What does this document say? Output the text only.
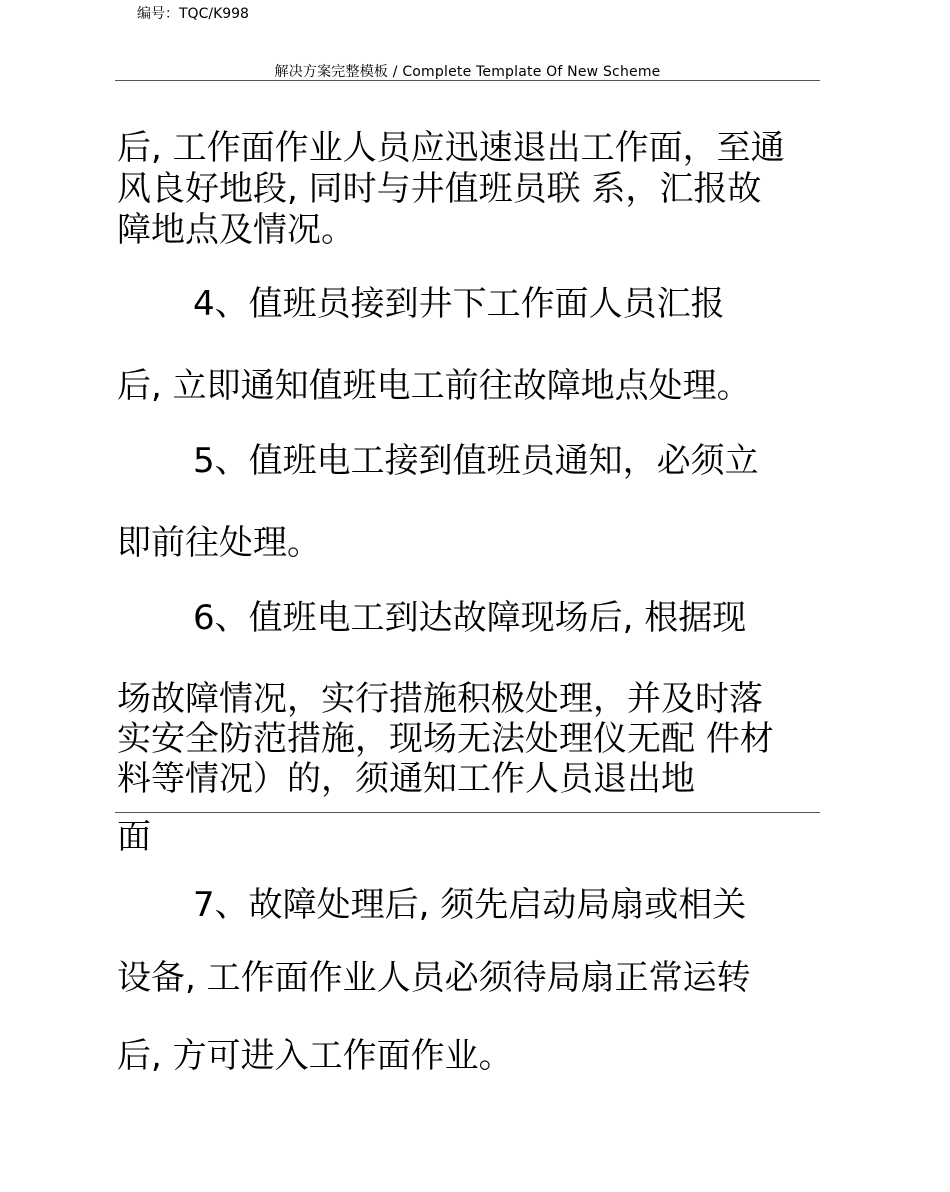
编号：TQC/K998
解决方案完整模板 / Complete Template Of New Scheme
后, 工作面作业人员应迅速退出工作面，至通
风良好地段, 同时与井值班员联 系，汇报故
障地点及情况。
4、值班员接到井下工作面人员汇报
后, 立即通知值班电工前往故障地点处理。
5、值班电工接到值班员通知，必须立
即前往处理。
6、值班电工到达故障现场后, 根据现
场故障情况，实行措施积极处理，并及时落
实安全防范措施，现场无法处理仪无配 件材
料等情况）的，须通知工作人员退出地
面
7、故障处理后, 须先启动局扇或相关
设备, 工作面作业人员必须待局扇正常运转
后, 方可进入工作面作业。
